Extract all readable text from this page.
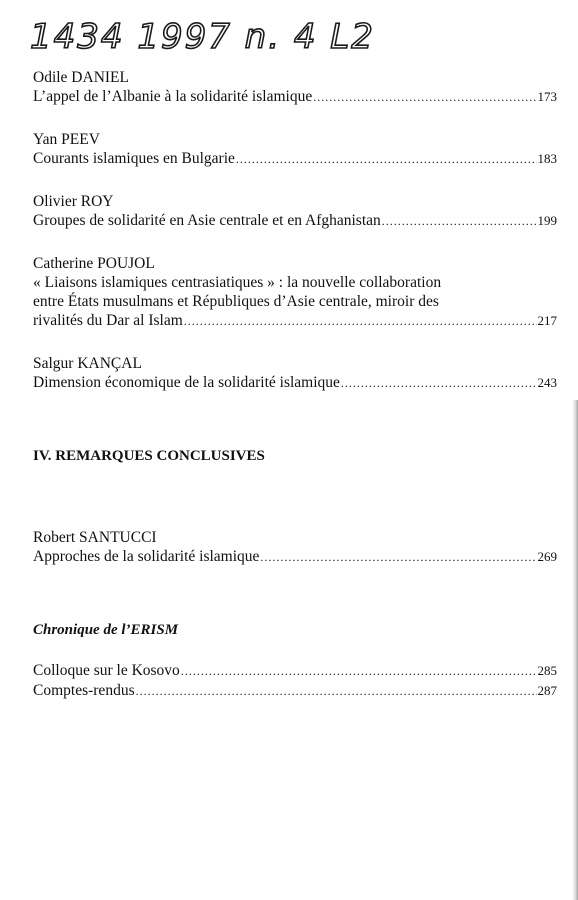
1434 1997 n. 4 L2
Odile DANIEL
L’appel de l’Albanie à la solidarité islamique .....	173
Yan PEEV
Courants islamiques en Bulgarie .....	183
Olivier ROY
Groupes de solidarité en Asie centrale et en Afghanistan .....	199
Catherine POUJOL
« Liaisons islamiques centrasiatiques » : la nouvelle collaboration
entre États musulmans et Républiques d’Asie centrale, miroir des
rivalités du Dar al Islam .....	217
Salgur KANÇAL
Dimension économique de la solidarité islamique .....	243
IV. REMARQUES CONCLUSIVES
Robert SANTUCCI
Approches de la solidarité islamique .....	269
Chronique de l’ERISM
Colloque sur le Kosovo .....	285
Comptes-rendus .....	287
